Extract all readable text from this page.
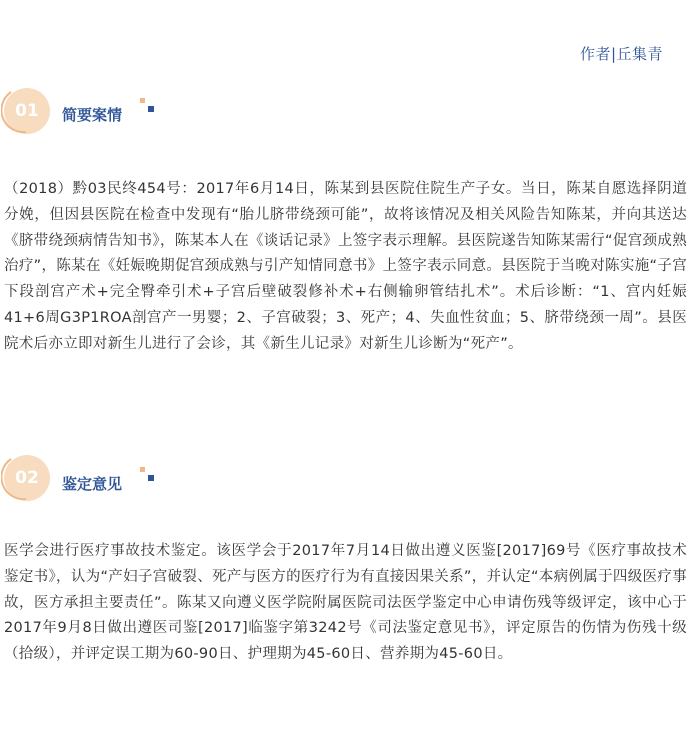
作者|丘集青
01	简要案情

（2018）黔03民终454号：2017年6月14日，陈某到县医院住院生产子女。当日，陈某自愿选择阴道分娩，但因县医院在检查中发现有“胎儿脐带绕颈可能”，故将该情况及相关风险告知陈某，并向其送达《脐带绕颈病情告知书》，陈某本人在《谈话记录》上签字表示理解。县医院遂告知陈某需行“促宫颈成熟治疗”，陈某在《妊娠晚期促宫颈成熟与引产知情同意书》上签字表示同意。县医院于当晚对陈实施“子宫下段剖宫产术+完全臀牵引术+子宫后壁破裂修补术+右侧输卵管结扎术”。术后诊断：“1、宫内妊娠41+6周G3P1ROA剖宫产一男婴；2、子宫破裂；3、死产；4、失血性贫血；5、脐带绕颈一周”。县医院术后亦立即对新生儿进行了会诊，其《新生儿记录》对新生儿诊断为“死产”。

02	鉴定意见

医学会进行医疗事故技术鉴定。该医学会于2017年7月14日做出遵义医鉴[2017]69号《医疗事故技术鉴定书》，认为“产妇子宫破裂、死产与医方的医疗行为有直接因果关系”，并认定“本病例属于四级医疗事故，医方承担主要责任”。陈某又向遵义医学院附属医院司法医学鉴定中心申请伤残等级评定，该中心于2017年9月8日做出遵医司鉴[2017]临鉴字第3242号《司法鉴定意见书》，评定原告的伤情为伤残十级（拾级），并评定误工期为60-90日、护理期为45-60日、营养期为45-60日。
